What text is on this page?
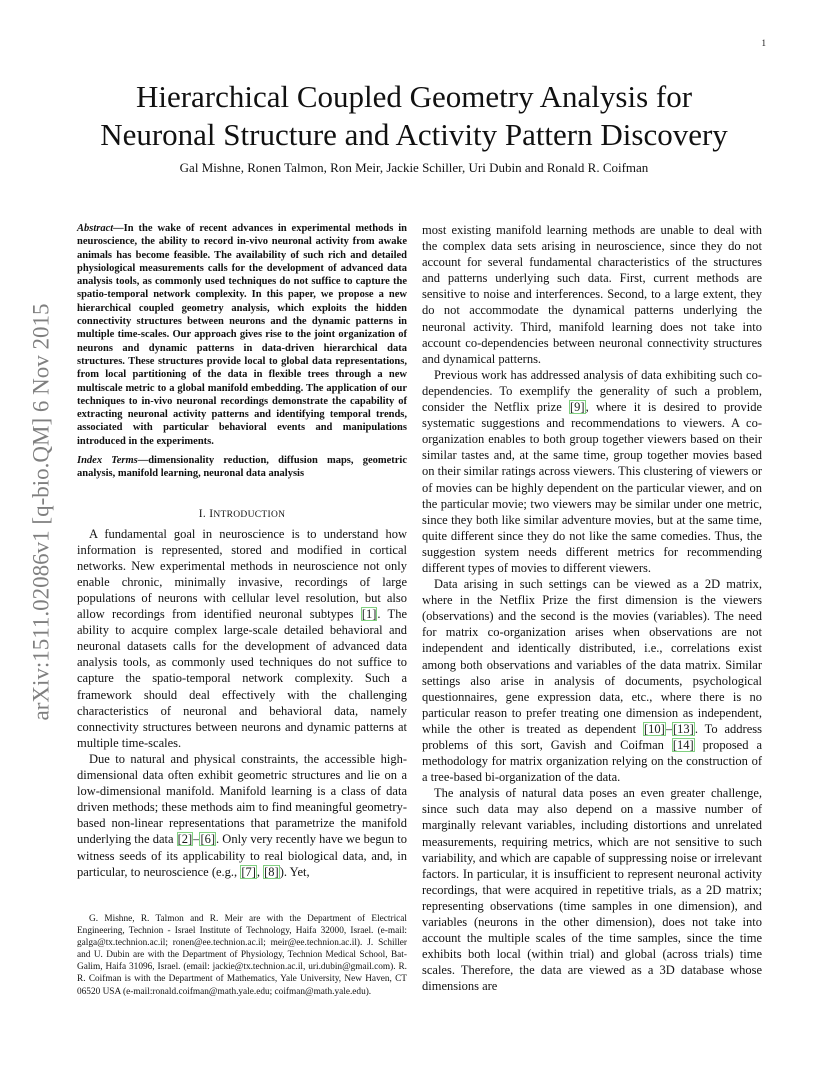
1
arXiv:1511.02086v1 [q-bio.QM] 6 Nov 2015
Hierarchical Coupled Geometry Analysis for
Neuronal Structure and Activity Pattern Discovery
Gal Mishne, Ronen Talmon, Ron Meir, Jackie Schiller, Uri Dubin and Ronald R. Coifman

Abstract—In the wake of recent advances in experimental methods in neuroscience, the ability to record in-vivo neuronal activity from awake animals has become feasible. The availability of such rich and detailed physiological measurements calls for the development of advanced data analysis tools, as commonly used techniques do not suffice to capture the spatio-temporal network complexity. In this paper, we propose a new hierarchical coupled geometry analysis, which exploits the hidden connectivity structures between neurons and the dynamic patterns in multiple time-scales. Our approach gives rise to the joint organization of neurons and dynamic patterns in data-driven hierarchical data structures. These structures provide local to global data representations, from local partitioning of the data in flexible trees through a new multiscale metric to a global manifold embedding. The application of our techniques to in-vivo neuronal recordings demonstrate the capability of extracting neuronal activity patterns and identifying temporal trends, associated with particular behavioral events and manipulations introduced in the experiments.

Index Terms—dimensionality reduction, diffusion maps, geometric analysis, manifold learning, neuronal data analysis

I. INTRODUCTION

A fundamental goal in neuroscience is to understand how information is represented, stored and modified in cortical networks. New experimental methods in neuroscience not only enable chronic, minimally invasive, recordings of large populations of neurons with cellular level resolution, but also allow recordings from identified neuronal subtypes [1]. The ability to acquire complex large-scale detailed behavioral and neuronal datasets calls for the development of advanced data analysis tools, as commonly used techniques do not suffice to capture the spatio-temporal network complexity. Such a framework should deal effectively with the challenging characteristics of neuronal and behavioral data, namely connectivity structures between neurons and dynamic patterns at multiple time-scales.

Due to natural and physical constraints, the accessible high-dimensional data often exhibit geometric structures and lie on a low-dimensional manifold. Manifold learning is a class of data driven methods; these methods aim to find meaningful geometry-based non-linear representations that parametrize the manifold underlying the data [2]–[6]. Only very recently have we begun to witness seeds of its applicability to real biological data, and, in particular, to neuroscience (e.g., [7], [8]). Yet,

G. Mishne, R. Talmon and R. Meir are with the Department of Electrical Engineering, Technion - Israel Institute of Technology, Haifa 32000, Israel. (e-mail: galga@tx.technion.ac.il; ronen@ee.technion.ac.il; meir@ee.technion.ac.il). J. Schiller and U. Dubin are with the Department of Physiology, Technion Medical School, Bat-Galim, Haifa 31096, Israel. (email: jackie@tx.technion.ac.il, uri.dubin@gmail.com). R. R. Coifman is with the Department of Mathematics, Yale University, New Haven, CT 06520 USA (e-mail:ronald.coifman@math.yale.edu; coifman@math.yale.edu).

most existing manifold learning methods are unable to deal with the complex data sets arising in neuroscience, since they do not account for several fundamental characteristics of the structures and patterns underlying such data. First, current methods are sensitive to noise and interferences. Second, to a large extent, they do not accommodate the dynamical patterns underlying the neuronal activity. Third, manifold learning does not take into account co-dependencies between neuronal connectivity structures and dynamical patterns.

Previous work has addressed analysis of data exhibiting such co-dependencies. To exemplify the generality of such a problem, consider the Netflix prize [9], where it is desired to provide systematic suggestions and recommendations to viewers. A co-organization enables to both group together viewers based on their similar tastes and, at the same time, group together movies based on their similar ratings across viewers. This clustering of viewers or of movies can be highly dependent on the particular viewer, and on the particular movie; two viewers may be similar under one metric, since they both like similar adventure movies, but at the same time, quite different since they do not like the same comedies. Thus, the suggestion system needs different metrics for recommending different types of movies to different viewers.

Data arising in such settings can be viewed as a 2D matrix, where in the Netflix Prize the first dimension is the viewers (observations) and the second is the movies (variables). The need for matrix co-organization arises when observations are not independent and identically distributed, i.e., correlations exist among both observations and variables of the data matrix. Similar settings also arise in analysis of documents, psychological questionnaires, gene expression data, etc., where there is no particular reason to prefer treating one dimension as independent, while the other is treated as dependent [10]–[13]. To address problems of this sort, Gavish and Coifman [14] proposed a methodology for matrix organization relying on the construction of a tree-based bi-organization of the data.

The analysis of natural data poses an even greater challenge, since such data may also depend on a massive number of marginally relevant variables, including distortions and unrelated measurements, requiring metrics, which are not sensitive to such variability, and which are capable of suppressing noise or irrelevant factors. In particular, it is insufficient to represent neuronal activity recordings, that were acquired in repetitive trials, as a 2D matrix; representing observations (time samples in one dimension), and variables (neurons in the other dimension), does not take into account the multiple scales of the time samples, since the time exhibits both local (within trial) and global (across trials) time scales. Therefore, the data are viewed as a 3D database whose dimensions are
